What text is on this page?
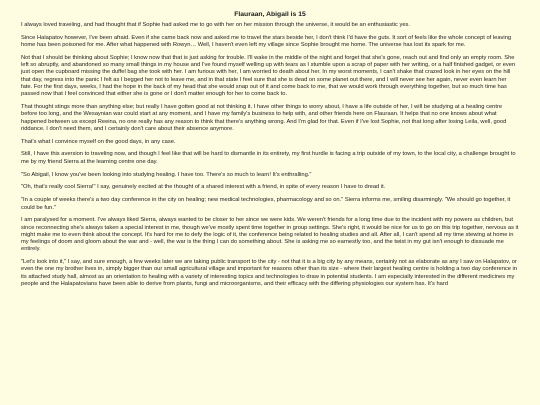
Flauraan, Abigail is 15

I always loved traveling, and had thought that if Sophie had asked me to go with her on her mission through the universe, it would be an enthusiastic yes.

Since Halapatov however, I've been afraid. Even if she came back now and asked me to travel the stars beside her, I don't think I'd have the guts. It sort of feels like the whole concept of leaving home has been poisoned for me. After what happened with Rowyn… Well, I haven't even left my village since Sophie brought me home. The universe has lost its spark for me.

Not that I should be thinking about Sophie; I know now that that is just asking for trouble. I'll wake in the middle of the night and forget that she's gone, reach out and find only an empty room. She left so abruptly, and abandoned so many small things in my house and I've found myself welling up with tears as I stumble upon a scrap of paper with her writing, or a half finished gadget, or even just open the cupboard missing the duffel bag she took with her. I am furious with her, I am worried to death about her. In my worst moments, I can't shake that crazed look in her eyes on the hill that day, regress into the panic I felt as I begged her not to leave me, and in that state I feel sure that she is dead on some planet out there, and I will never see her again, never even learn her fate. For the first days, weeks, I had the hope in the back of my head that she would snap out of it and come back to me, that we would work through everything together, but so much time has passed now that I feel convinced that either she is gone or I don't matter enough for her to come back to.

That thought stings more than anything else; but really I have gotten good at not thinking it. I have other things to worry about, I have a life outside of her, I will be studying at a healing centre before too long, and the Wesaynian war could start at any moment, and I have my family's business to help with, and other friends here on Flauraan. It helps that no one knows about what happened between us except Reeina, no one really has any reason to think that there's anything wrong. And I'm glad for that. Even if I've lost Sophie, not that long after losing Leila, well, good riddance. I don't need them, and I certainly don't care about their absence anymore.

That's what I convince myself on the good days, in any case.

Still, I have this aversion to traveling now, and though I feel like that will be hard to dismantle in its entirety, my first hurdle is facing a trip outside of my town, to the local city, a challenge brought to me by my friend Sierra at the learning centre one day.

"So Abigail, I know you've been looking into studying healing. I have too. There's so much to learn! It's enthralling."

"Oh, that's really cool Sierra!" I say, genuinely excited at the thought of a shared interest with a friend, in spite of every reason I have to dread it.

"In a couple of weeks there's a two day conference in the city on healing; new medical technologies, pharmacology and so on." Sierra informs me, smiling disarmingly. "We should go together, it could be fun."

I am paralysed for a moment. I've always liked Sierra, always wanted to be closer to her since we were kids. We weren't friends for a long time due to the incident with my powers as children, but since reconnecting she's always taken a special interest in me, though we've mostly spent time together in group settings. She's right, it would be nice for us to go on this trip together, nervous as it might make me to even think about the concept. It's hard for me to defy the logic of it, the conference being related to healing studies and all. After all, I can't spend all my time stewing at home in my feelings of doom and gloom about the war and - well, the war is the thing I can do something about. She is asking me so earnestly too, and the twist in my gut isn't enough to dissuade me entirely.

"Let's look into it," I say, and sure enough, a few weeks later we are taking public transport to the city - not that it is a big city by any means, certainly not as elaborate as any I saw on Halapatov, or even the one my brother lives in, simply bigger than our small agricultural village and important for reasons other than its size - where their largest healing centre is holding a two day conference in its attached study hall, almost as an orientation to healing with a variety of interesting topics and technologies to draw in potential students. I am especially interested in the different medicines my people and the Halapatovians have been able to derive from plants, fungi and microorganisms, and their efficacy with the differing physiologies our system has. It's hard
